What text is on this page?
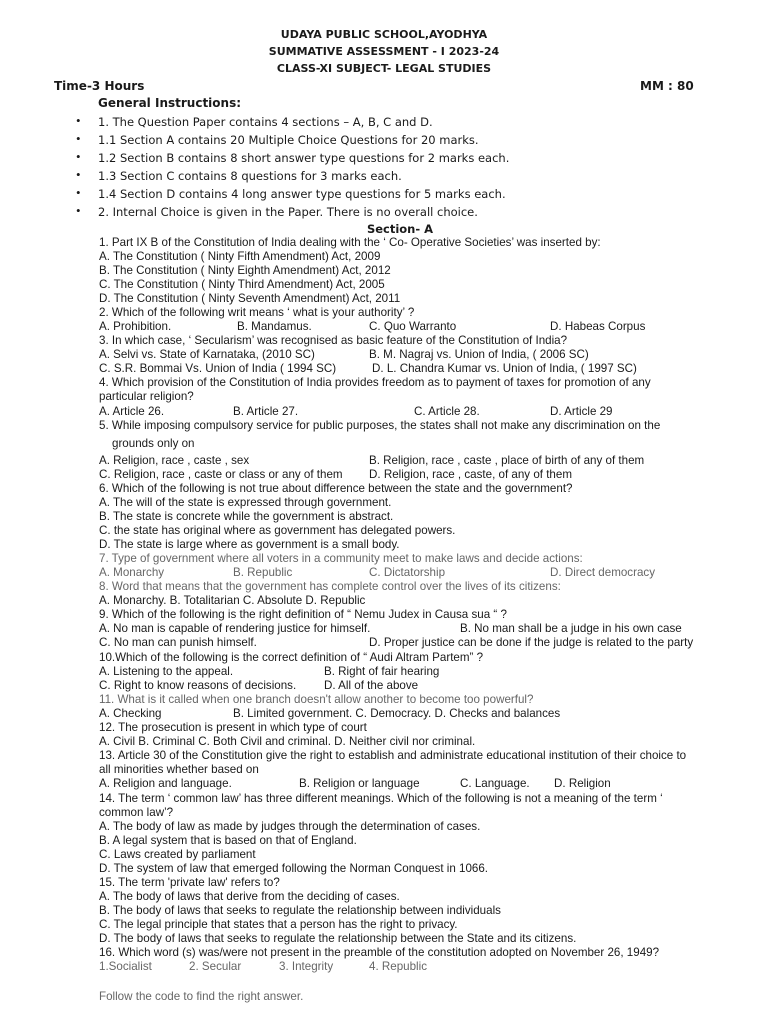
UDAYA PUBLIC SCHOOL,AYODHYA
SUMMATIVE ASSESSMENT - I 2023-24
CLASS-XI SUBJECT- LEGAL STUDIES
Time-3 Hours	MM : 80
General Instructions:
• 1. The Question Paper contains 4 sections – A, B, C and D.
• 1.1 Section A contains 20 Multiple Choice Questions for 20 marks.
• 1.2 Section B contains 8 short answer type questions for 2 marks each.
• 1.3 Section C contains 8 questions for 3 marks each.
• 1.4 Section D contains 4 long answer type questions for 5 marks each.
• 2. Internal Choice is given in the Paper. There is no overall choice.
Section- A
1. Part IX B of the Constitution of India dealing with the ‘ Co- Operative Societies’ was inserted by:
A. The Constitution ( Ninty Fifth Amendment) Act, 2009
B. The Constitution ( Ninty Eighth Amendment) Act, 2012
C. The Constitution ( Ninty Third Amendment) Act, 2005
D. The Constitution ( Ninty Seventh Amendment) Act, 2011
2. Which of the following writ means ‘ what is your authority’ ?
A. Prohibition.	B. Mandamus.	C. Quo Warranto	D. Habeas Corpus
3. In which case, ‘ Secularism’ was recognised as basic feature of the Constitution of India?
A. Selvi vs. State of Karnataka, (2010 SC)	B. M. Nagraj vs. Union of India, ( 2006 SC)
C. S.R. Bommai Vs. Union of India ( 1994 SC)	D. L. Chandra Kumar vs. Union of India, ( 1997 SC)
4. Which provision of the Constitution of India provides freedom as to payment of taxes for promotion of any
particular religion?
A. Article 26.	B. Article 27.	C. Article 28.	D. Article 29
5. While imposing compulsory service for public purposes, the states shall not make any discrimination on the
grounds only on
A. Religion, race , caste , sex	B. Religion, race , caste , place of birth of any of them
C. Religion, race , caste or class or any of them D. Religion, race , caste, of any of them
6. Which of the following is not true about difference between the state and the government?
A. The will of the state is expressed through government.
B. The state is concrete while the government is abstract.
C. the state has original where as government has delegated powers.
D. The state is large where as government is a small body.
7. Type of government where all voters in a community meet to make laws and decide actions:
A. Monarchy	B. Republic	C. Dictatorship	D. Direct democracy
8. Word that means that the government has complete control over the lives of its citizens:
A. Monarchy. B. Totalitarian C. Absolute D. Republic
9. Which of the following is the right definition of “ Nemu Judex in Causa sua “ ?
A. No man is capable of rendering justice for himself.	B. No man shall be a judge in his own case
C. No man can punish himself.	D. Proper justice can be done if the judge is related to the party
10.Which of the following is the correct definition of “ Audi Altram Partem” ?
A. Listening to the appeal.	B. Right of fair hearing
C. Right to know reasons of decisions. D. All of the above
11. What is it called when one branch doesn't allow another to become too powerful?
A. Checking	B. Limited government. C. Democracy. D. Checks and balances
12. The prosecution is present in which type of court
A. Civil B. Criminal C. Both Civil and criminal. D. Neither civil nor criminal.
13. Article 30 of the Constitution give the right to establish and administrate educational institution of their choice to
all minorities whether based on
A. Religion and language.	B. Religion or language	C. Language. D. Religion
14. The term ‘ common law’ has three different meanings. Which of the following is not a meaning of the term ‘
common law’?
A. The body of law as made by judges through the determination of cases.
B. A legal system that is based on that of England.
C. Laws created by parliament
D. The system of law that emerged following the Norman Conquest in 1066.
15. The term 'private law' refers to?
A. The body of laws that derive from the deciding of cases.
B. The body of laws that seeks to regulate the relationship between individuals
C. The legal principle that states that a person has the right to privacy.
D. The body of laws that seeks to regulate the relationship between the State and its citizens.
16. Which word (s) was/were not present in the preamble of the constitution adopted on November 26, 1949?
1.Socialist	2. Secular	3. Integrity	4. Republic
Follow the code to find the right answer.
